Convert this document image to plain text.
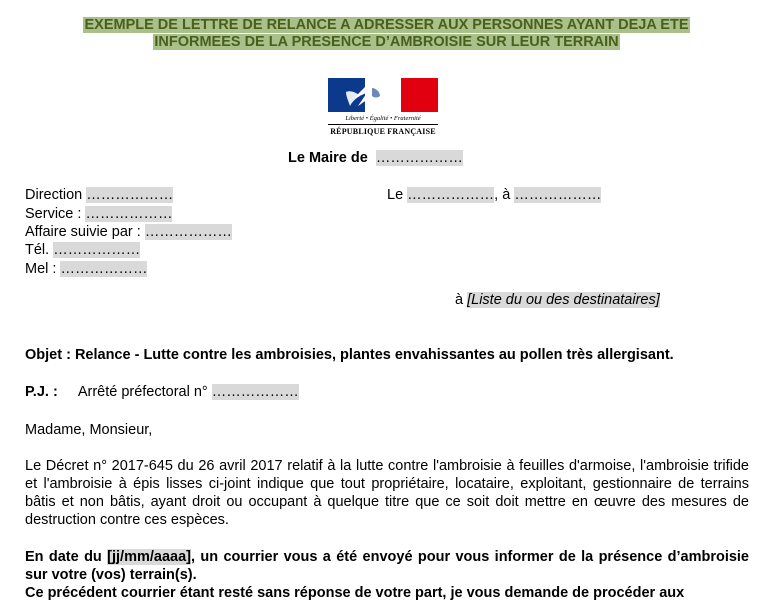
EXEMPLE DE LETTRE DE RELANCE A ADRESSER AUX PERSONNES AYANT DEJA ETE
INFORMEES DE LA PRESENCE D’AMBROISIE SUR LEUR TERRAIN
Liberté • Égalité • Fraternité
RÉPUBLIQUE FRANÇAISE
Le Maire de ………………
Direction ………………
Service : ………………
Affaire suivie par : ………………
Tél. ………………
Mel : ………………
Le ………………, à ………………
à [Liste du ou des destinataires]
Objet : Relance - Lutte contre les ambroisies, plantes envahissantes au pollen très allergisant.
P.J. : Arrêté préfectoral n° ………………
Madame, Monsieur,
Le Décret n° 2017-645 du 26 avril 2017 relatif à la lutte contre l'ambroisie à feuilles d'armoise, l'ambroisie trifide et l'ambroisie à épis lisses ci-joint indique que tout propriétaire, locataire, exploitant, gestionnaire de terrains bâtis et non bâtis, ayant droit ou occupant à quelque titre que ce soit doit mettre en œuvre des mesures de destruction contre ces espèces.
En date du [jj/mm/aaaa], un courrier vous a été envoyé pour vous informer de la présence d’ambroisie sur votre (vos) terrain(s).
Ce précédent courrier étant resté sans réponse de votre part, je vous demande de procéder aux
